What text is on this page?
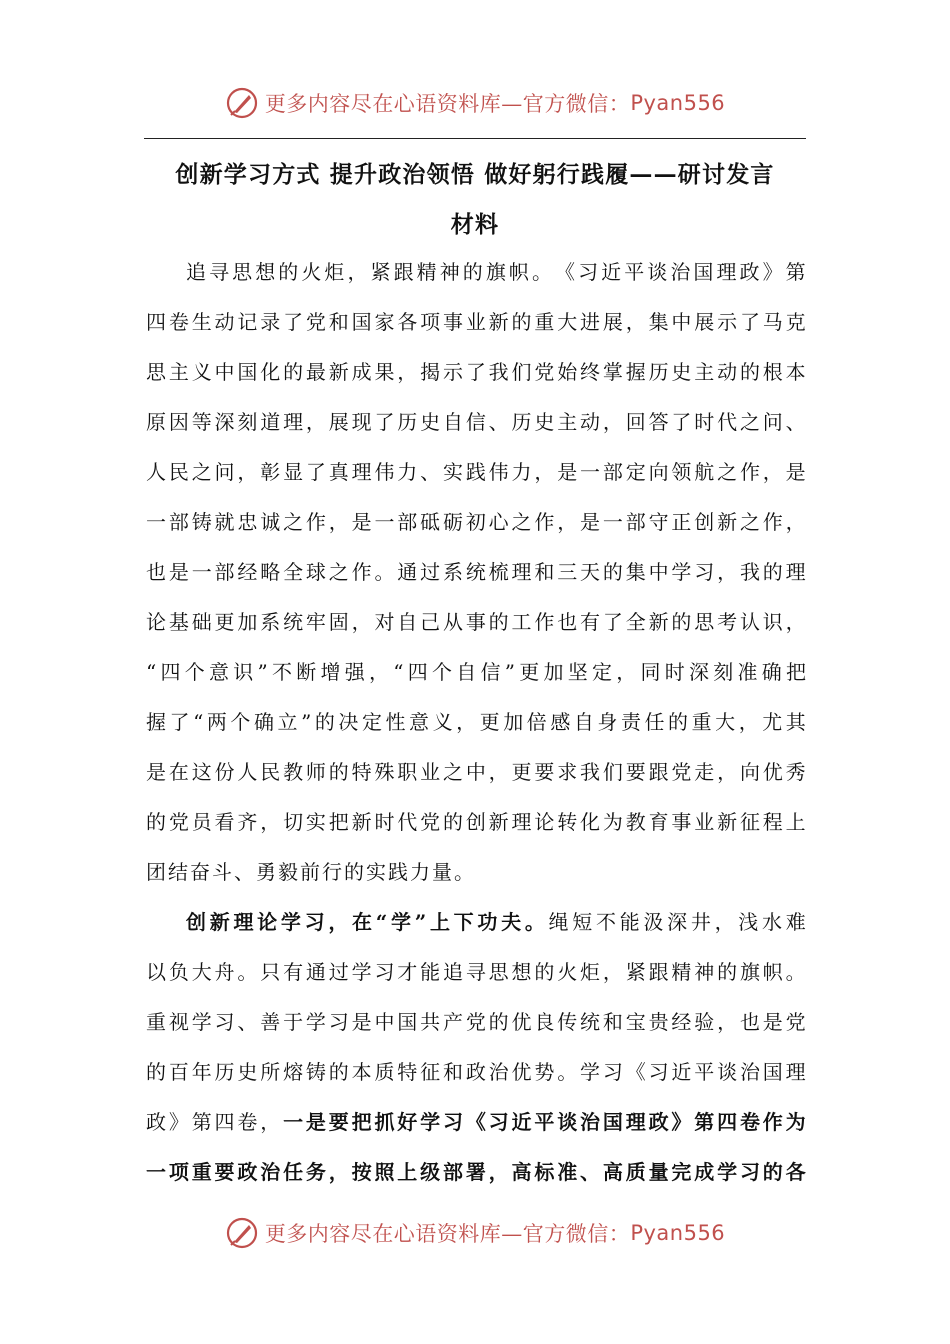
更多内容尽在心语资料库—官方微信： Pyan556
创新学习方式 提升政治领悟 做好躬行践履——研讨发言
材料
追 寻 思 想 的 火 炬 ， 紧 跟 精 神 的 旗 帜 。 《 习 近 平 谈 治 国 理 政 》 第
四 卷 生 动 记 录 了 党 和 国 家 各 项 事 业 新 的 重 大 进 展 ， 集 中 展 示 了 马 克
思 主 义 中 国 化 的 最 新 成 果 ， 揭 示 了 我 们 党 始 终 掌 握 历 史 主 动 的 根 本
原 因 等 深 刻 道 理 ， 展 现 了 历 史 自 信 、 历 史 主 动 ， 回 答 了 时 代 之 问 、
人 民 之 问 ， 彰 显 了 真 理 伟 力 、 实 践 伟 力 ， 是 一 部 定 向 领 航 之 作 ， 是
一 部 铸 就 忠 诚 之 作 ， 是 一 部 砥 砺 初 心 之 作 ， 是 一 部 守 正 创 新 之 作 ，
也 是 一 部 经 略 全 球 之 作 。 通 过 系 统 梳 理 和 三 天 的 集 中 学 习 ， 我 的 理
论 基 础 更 加 系 统 牢 固 ， 对 自 己 从 事 的 工 作 也 有 了 全 新 的 思 考 认 识 ，
“ 四 个 意 识 ” 不 断 增 强 ， “ 四 个 自 信 ” 更 加 坚 定 ， 同 时 深 刻 准 确 把
握 了 “ 两 个 确 立 ” 的 决 定 性 意 义 ， 更 加 倍 感 自 身 责 任 的 重 大 ， 尤 其
是 在 这 份 人 民 教 师 的 特 殊 职 业 之 中 ， 更 要 求 我 们 要 跟 党 走 ， 向 优 秀
的 党 员 看 齐 ， 切 实 把 新 时 代 党 的 创 新 理 论 转 化 为 教 育 事 业 新 征 程 上
团结奋斗、勇毅前行的实践力量。
创 新 理 论 学 习 ， 在 “ 学 ” 上 下 功 夫 。 绳 短 不 能 汲 深 井 ， 浅 水 难
以 负 大 舟 。 只 有 通 过 学 习 才 能 追 寻 思 想 的 火 炬 ， 紧 跟 精 神 的 旗 帜 。
重 视 学 习 、 善 于 学 习 是 中 国 共 产 党 的 优 良 传 统 和 宝 贵 经 验 ， 也 是 党
的 百 年 历 史 所 熔 铸 的 本 质 特 征 和 政 治 优 势 。 学 习 《 习 近 平 谈 治 国 理
政 》 第 四 卷 ， 一 是 要 把 抓 好 学 习 《 习 近 平 谈 治 国 理 政 》 第 四 卷 作 为
一 项 重 要 政 治 任 务 ， 按 照 上 级 部 署 ， 高 标 准 、 高 质 量 完 成 学 习 的 各
更多内容尽在心语资料库—官方微信： Pyan556
